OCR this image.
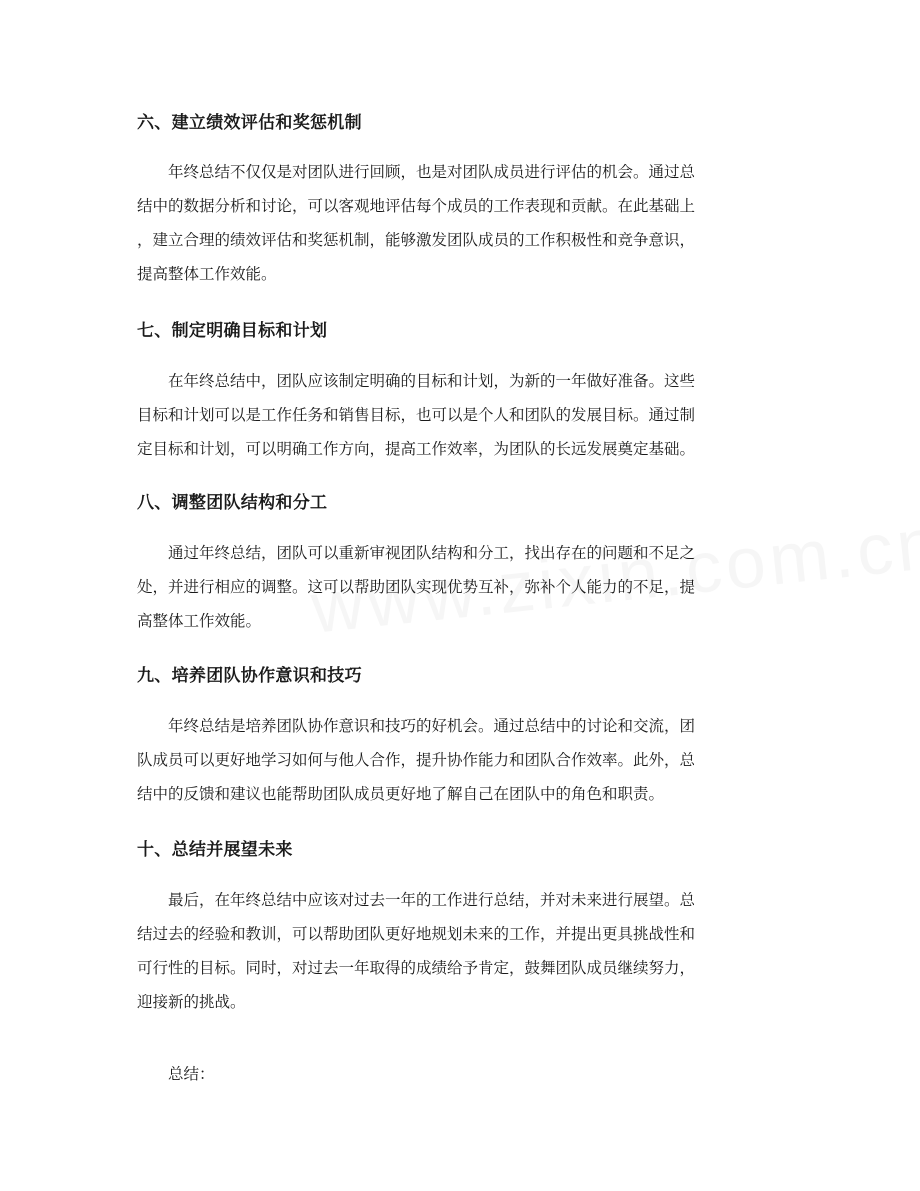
六、建立绩效评估和奖惩机制
年终总结不仅仅是对团队进行回顾，也是对团队成员进行评估的机会。通过总
结中的数据分析和讨论，可以客观地评估每个成员的工作表现和贡献。在此基础上
，建立合理的绩效评估和奖惩机制，能够激发团队成员的工作积极性和竞争意识，
提高整体工作效能。
七、制定明确目标和计划
在年终总结中，团队应该制定明确的目标和计划，为新的一年做好准备。这些
目标和计划可以是工作任务和销售目标，也可以是个人和团队的发展目标。通过制
定目标和计划，可以明确工作方向，提高工作效率，为团队的长远发展奠定基础。
八、调整团队结构和分工
通过年终总结，团队可以重新审视团队结构和分工，找出存在的问题和不足之
处，并进行相应的调整。这可以帮助团队实现优势互补，弥补个人能力的不足，提
高整体工作效能。
九、培养团队协作意识和技巧
年终总结是培养团队协作意识和技巧的好机会。通过总结中的讨论和交流，团
队成员可以更好地学习如何与他人合作，提升协作能力和团队合作效率。此外，总
结中的反馈和建议也能帮助团队成员更好地了解自己在团队中的角色和职责。
十、总结并展望未来
最后，在年终总结中应该对过去一年的工作进行总结，并对未来进行展望。总
结过去的经验和教训，可以帮助团队更好地规划未来的工作，并提出更具挑战性和
可行性的目标。同时，对过去一年取得的成绩给予肯定，鼓舞团队成员继续努力，
迎接新的挑战。
总结：
